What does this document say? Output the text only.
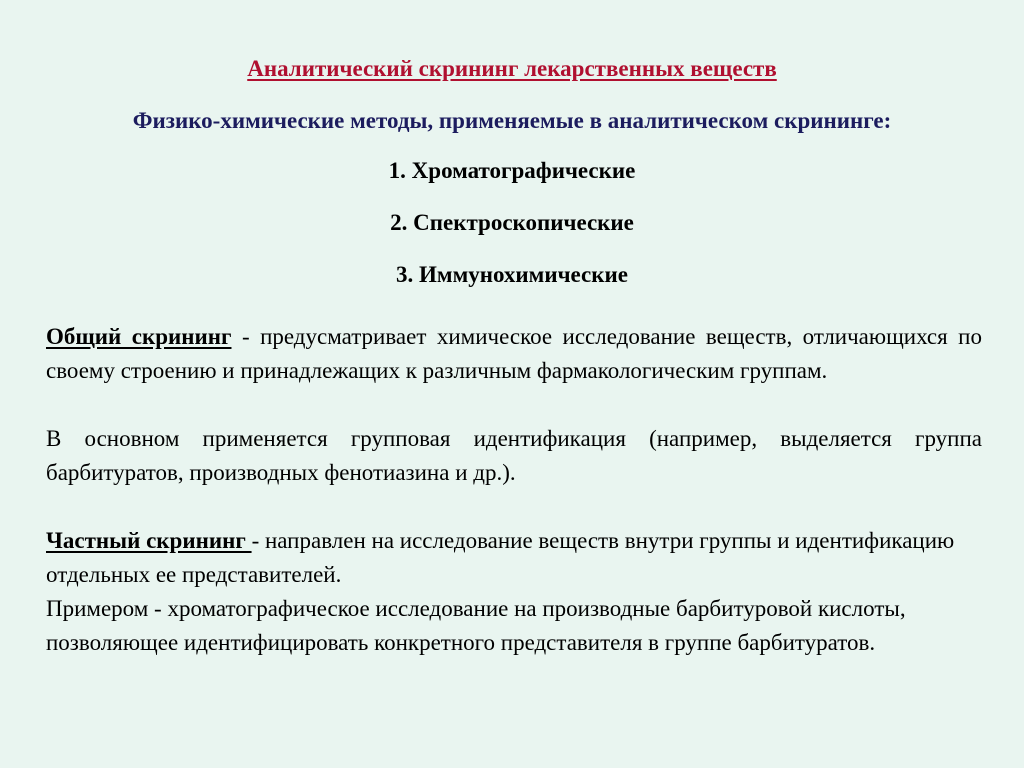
Аналитический скрининг лекарственных веществ
Физико-химические методы, применяемые в аналитическом скрининге:
1. Хроматографические
2. Спектроскопические
3. Иммунохимические
Общий скрининг - предусматривает химическое исследование веществ, отличающихся по своему строению и принадлежащих к различным фармакологическим группам.
В основном применяется групповая идентификация (например, выделяется группа барбитуратов, производных фенотиазина и др.).
Частный скрининг - направлен на исследование веществ внутри группы и идентификацию отдельных ее представителей.
Примером - хроматографическое исследование на производные барбитуровой кислоты, позволяющее идентифицировать конкретного представителя в группе барбитуратов.
